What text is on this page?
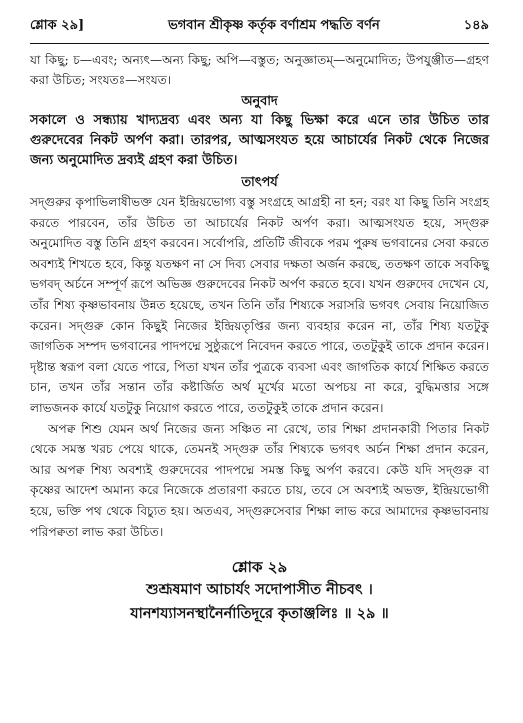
শ্লোক ২৯]	ভগবান শ্রীকৃষ্ণ কর্তৃক বর্ণাশ্রম পদ্ধতি বর্ণন	১৪৯
যা কিছু; চ—এবং; অন্যৎ—অন্য কিছু; অপি—বস্তুত; অনুজ্ঞাতম্—অনুমোদিত; উপযুঞ্জীত—গ্রহণ করা উচিত; সংযতঃ—সংযত।
অনুবাদ
সকালে ও সন্ধ্যায় খাদ্যদ্রব্য এবং অন্য যা কিছু ভিক্ষা করে এনে তার উচিত তার গুরুদেবের নিকট অর্পণ করা। তারপর, আত্মসংযত হয়ে আচার্যের নিকট থেকে নিজের জন্য অনুমোদিত দ্রব্যই গ্রহণ করা উচিত।
তাৎপর্য

সদ্গুরুর কৃপাভিলাষীভক্ত যেন ইন্দ্রিয়ভোগ্য বস্তু সংগ্রহে আগ্রহী না হন; বরং যা কিছু তিনি সংগ্রহ করতে পারবেন, তাঁর উচিত তা আচার্যের নিকট অর্পণ করা। আত্মসংযত হয়ে, সদ্গুরু অনুমোদিত বস্তু তিনি গ্রহণ করবেন। সর্বোপরি, প্রতিটি জীবকে পরম পুরুষ ভগবানের সেবা করতে অবশ্যই শিখতে হবে, কিন্তু যতক্ষণ না সে দিব্য সেবার দক্ষতা অর্জন করছে, ততক্ষণ তাকে সবকিছু ভগবদ্ অর্চনে সম্পূর্ণ রূপে অভিজ্ঞ গুরুদেবের নিকট অর্পণ করতে হবে। যখন গুরুদেব দেখেন যে, তাঁর শিষ্য কৃষ্ণভাবনায় উন্নত হয়েছে, তখন তিনি তাঁর শিষ্যকে সরাসরি ভগবৎ সেবায় নিয়োজিত করেন। সদ্গুরু কোন কিছুই নিজের ইন্দ্রিয়তৃপ্তির জন্য ব্যবহার করেন না, তাঁর শিষ্য যতটুকু জাগতিক সম্পদ ভগবানের পাদপদ্মে সুষ্ঠুরূপে নিবেদন করতে পারে, ততটুকুই তাকে প্রদান করেন। দৃষ্টান্ত স্বরূপ বলা যেতে পারে, পিতা যখন তাঁর পুত্রকে ব্যবসা এবং জাগতিক কার্যে শিক্ষিত করতে চান, তখন তাঁর সন্তান তাঁর কষ্টার্জিত অর্থ মূর্খের মতো অপচয় না করে, বুদ্ধিমত্তার সঙ্গে লাভজনক কার্যে যতটুকু নিয়োগ করতে পারে, ততটুকুই তাকে প্রদান করেন।

অপক্ব শিশু যেমন অর্থ নিজের জন্য সঞ্চিত না রেখে, তার শিক্ষা প্রদানকারী পিতার নিকট থেকে সমস্ত খরচ পেয়ে থাকে, তেমনই সদ্গুরু তাঁর শিষ্যকে ভগবৎ অর্চন শিক্ষা প্রদান করেন, আর অপক্ব শিষ্য অবশ্যই গুরুদেবের পাদপদ্মে সমস্ত কিছু অর্পণ করবে। কেউ যদি সদ্গুরু বা কৃষ্ণের আদেশ অমান্য করে নিজেকে প্রতারণা করতে চায়, তবে সে অবশ্যই অভক্ত, ইন্দ্রিয়ভোগী হয়ে, ভক্তি পথ থেকে বিচ্যুত হয়। অতএব, সদ্গুরুসেবার শিক্ষা লাভ করে আমাদের কৃষ্ণভাবনায় পরিপক্বতা লাভ করা উচিত।

শ্লোক ২৯
শুশ্রূষমাণ আচার্যং সদোপাসীত নীচবৎ ।
যানশয্যাসনস্থানৈর্নাতিদূরে কৃতাঞ্জলিঃ ॥ ২৯ ॥
